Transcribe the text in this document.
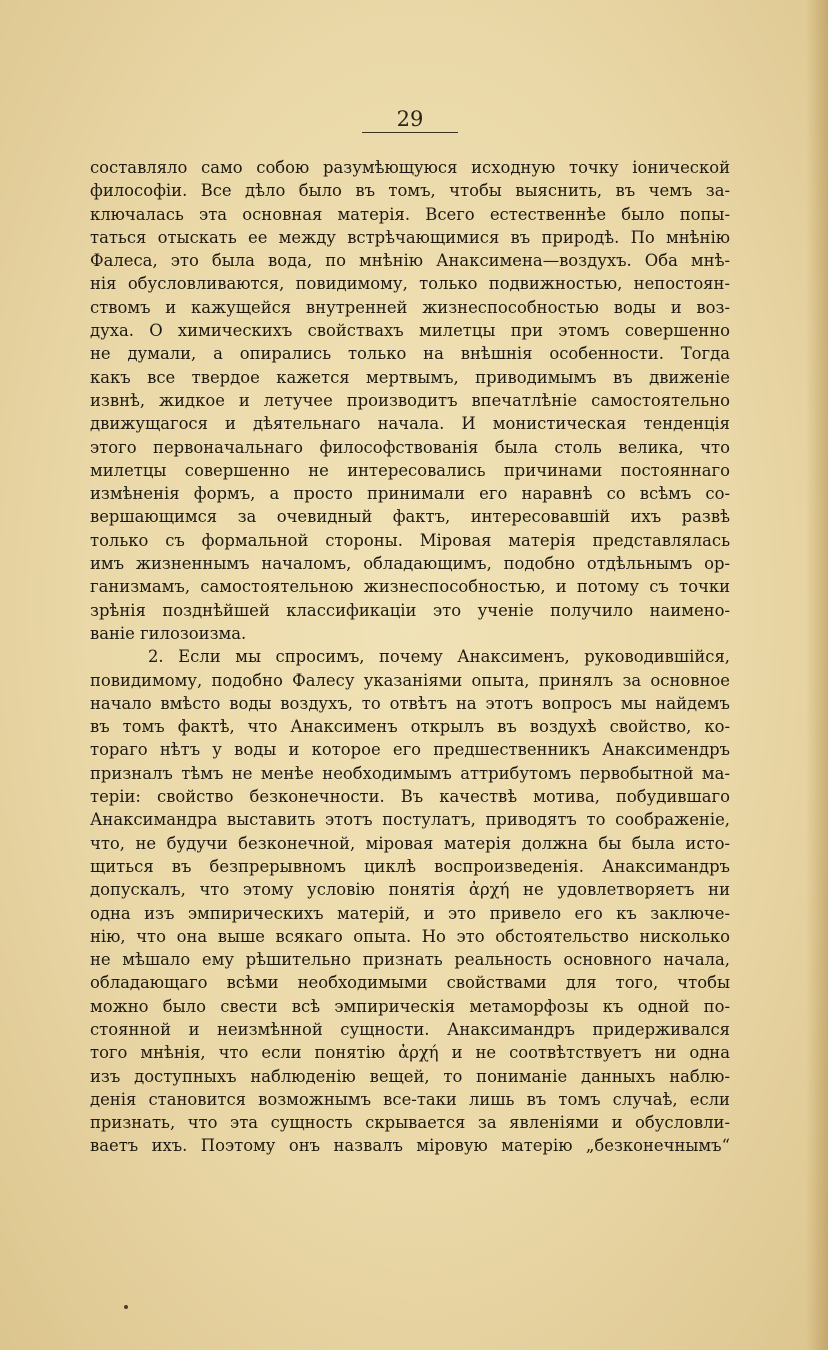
29
составляло само собою разумѣющуюся исходную точку іонической
философіи. Все дѣло было въ томъ, чтобы выяснить, въ чемъ за-
ключалась эта основная матерія. Всего естественнѣе было попы-
таться отыскать ее между встрѣчающимися въ природѣ. По мнѣнію
Фалеса, это была вода, по мнѣнію Анаксимена—воздухъ. Оба мнѣ-
нія обусловливаются, повидимому, только подвижностью, непостоян-
ствомъ и кажущейся внутренней жизнеспособностью воды и воз-
духа. О химическихъ свойствахъ милетцы при этомъ совершенно
не думали, а опирались только на внѣшнія особенности. Тогда
какъ все твердое кажется мертвымъ, приводимымъ въ движеніе
извнѣ, жидкое и летучее производитъ впечатлѣніе самостоятельно
движущагося и дѣятельнаго начала. И монистическая тенденція
этого первоначальнаго философствованія была столь велика, что
милетцы совершенно не интересовались причинами постояннаго
измѣненія формъ, а просто принимали его наравнѣ со всѣмъ со-
вершающимся за очевидный фактъ, интересовавшій ихъ развѣ
только съ формальной стороны. Міровая матерія представлялась
имъ жизненнымъ началомъ, обладающимъ, подобно отдѣльнымъ ор-
ганизмамъ, самостоятельною жизнеспособностью, и потому съ точки
зрѣнія позднѣйшей классификаціи это ученіе получило наимено-
ваніе гилозоизма.
2. Если мы спросимъ, почему Анаксименъ, руководившійся,
повидимому, подобно Фалесу указаніями опыта, принялъ за основное
начало вмѣсто воды воздухъ, то отвѣтъ на этотъ вопросъ мы найдемъ
въ томъ фактѣ, что Анаксименъ открылъ въ воздухѣ свойство, ко-
тораго нѣтъ у воды и которое его предшественникъ Анаксимендръ
призналъ тѣмъ не менѣе необходимымъ аттрибутомъ первобытной ма-
теріи: свойство безконечности. Въ качествѣ мотива, побудившаго
Анаксимандра выставить этотъ постулатъ, приводятъ то соображеніе,
что, не будучи безконечной, міровая матерія должна бы была исто-
щиться въ безпрерывномъ циклѣ воспроизведенія. Анаксимандръ
допускалъ, что этому условію понятія ἀρχή не удовлетворяетъ ни
одна изъ эмпирическихъ матерій, и это привело его къ заключе-
нію, что она выше всякаго опыта. Но это обстоятельство нисколько
не мѣшало ему рѣшительно признать реальность основного начала,
обладающаго всѣми необходимыми свойствами для того, чтобы
можно было свести всѣ эмпирическія метаморфозы къ одной по-
стоянной и неизмѣнной сущности. Анаксимандръ придерживался
того мнѣнія, что если понятію ἀρχή и не соотвѣтствуетъ ни одна
изъ доступныхъ наблюденію вещей, то пониманіе данныхъ наблю-
денія становится возможнымъ все-таки лишь въ томъ случаѣ, если
признать, что эта сущность скрывается за явленіями и обусловли-
ваетъ ихъ. Поэтому онъ назвалъ міровую матерію „безконечнымъ“
